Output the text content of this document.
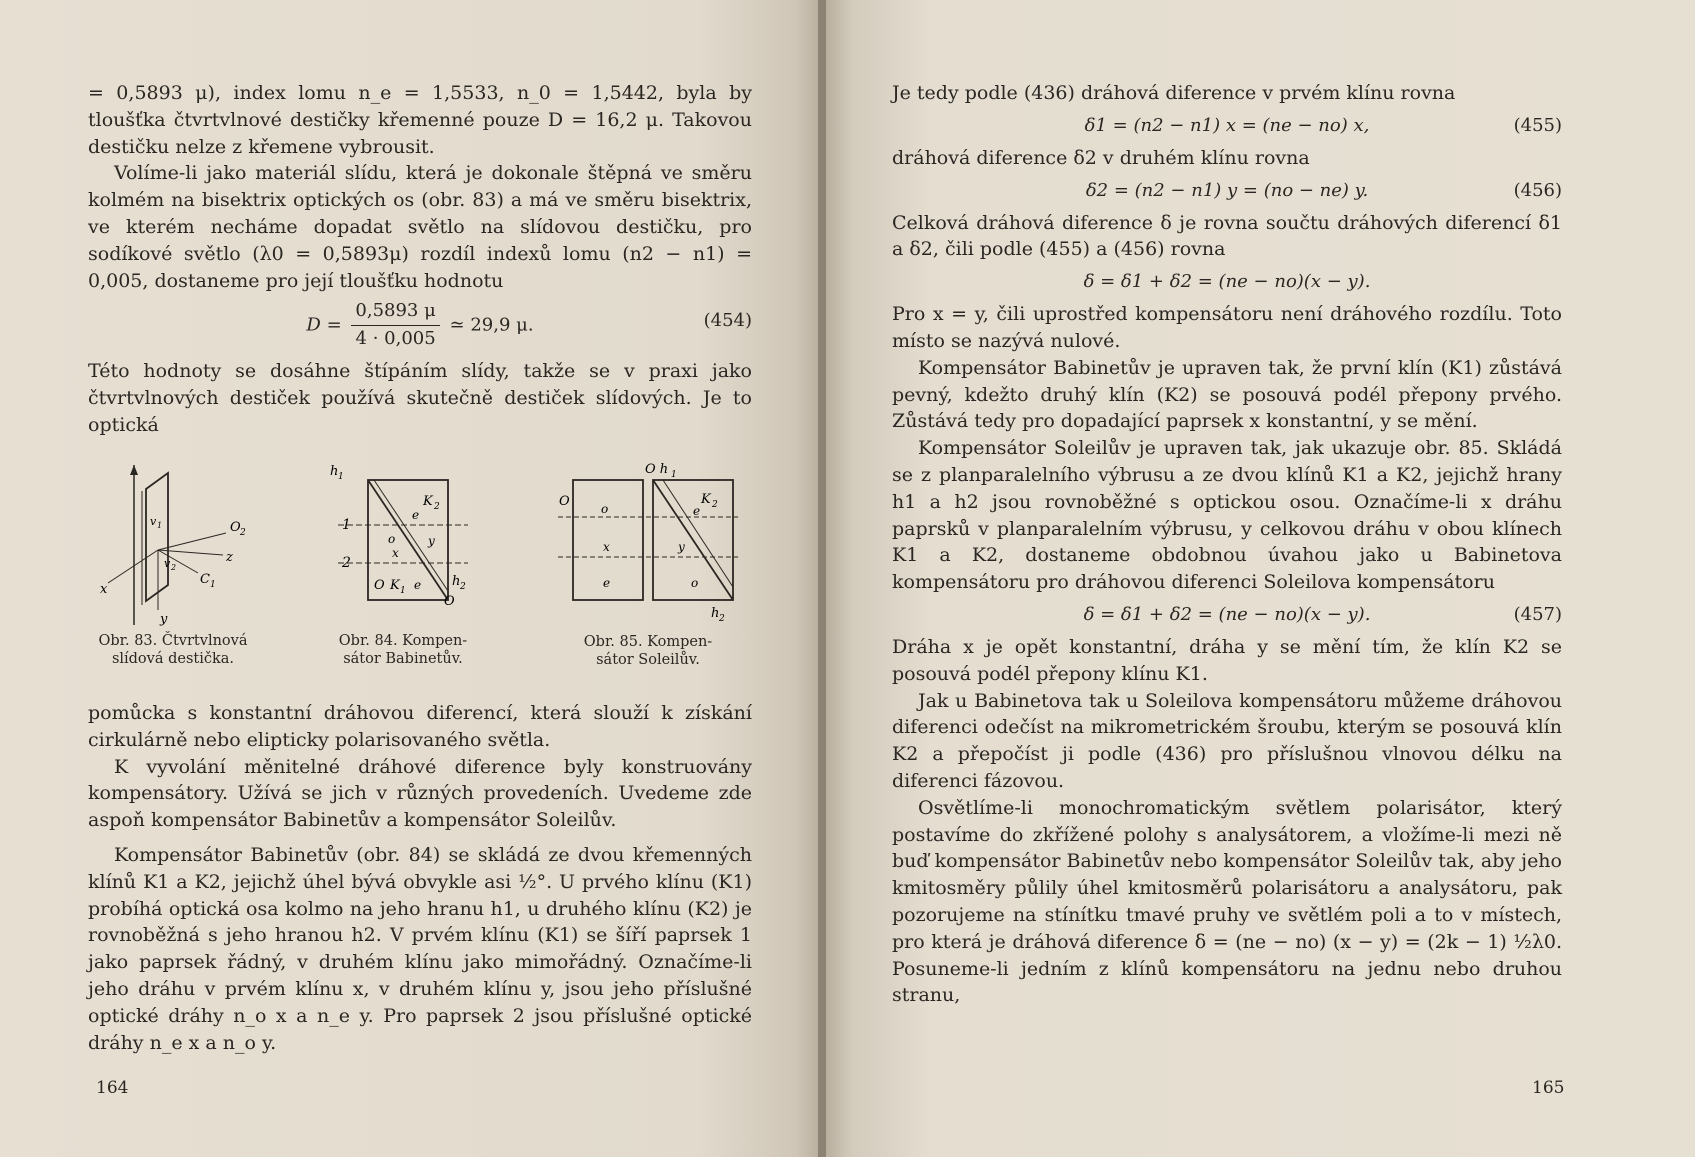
= 0,5893 μ), index lomu n_e = 1,5533, n_0 = 1,5442, byla by tloušťka čtvrtvlnové destičky křemenné pouze D = 16,2 μ. Takovou destičku nelze z křemene vybrousit.

Volíme-li jako materiál slídu, která je dokonale štěpná ve směru kolmém na bisektrix optických os (obr. 83) a má ve směru bisektrix, ve kterém necháme dopadat světlo na slídovou destičku, pro sodíkové světlo (λ0 = 0,5893μ) rozdíl indexů lomu (n2 − n1) = 0,005, dostaneme pro její tloušťku hodnotu

$D = \frac{0,5893 \mu}{4 \cdot 0,005}$ ≃ 29,9 μ.	(454)

Této hodnoty se dosáhne štípáním slídy, takže se v praxi jako čtvrtvlnových destiček používá skutečně destiček slídových. Je to optická

O 2
z
C 1
x
y
v 1
v 2
Obr. 83. Čtvrtvlnová
slídová destička.
h 1
K 2
1
2
e
o	y
x
O K 1 e h 2
O
Obr. 84. Kompen-
sátor Babinetův.
O h 1
K 2
O	o	e
x	y
e	o
h 2
Obr. 85. Kompen-
sátor Soleilův.

pomůcka s konstantní dráhovou diferencí, která slouží k získání cirkulárně nebo elipticky polarisovaného světla.

K vyvolání měnitelné dráhové diference byly konstruovány kompensátory. Užívá se jich v různých provedeních. Uvedeme zde aspoň kompensátor Babinetův a kompensátor Soleilův.

Kompensátor Babinetův (obr. 84) se skládá ze dvou křemenných klínů K1 a K2, jejichž úhel bývá obvykle asi ½°. U prvého klínu (K1) probíhá optická osa kolmo na jeho hranu h1, u druhého klínu (K2) je rovnoběžná s jeho hranou h2. V prvém klínu (K1) se šíří paprsek 1 jako paprsek řádný, v druhém klínu jako mimořádný. Označíme-li jeho dráhu v prvém klínu x, v druhém klínu y, jsou jeho příslušné optické dráhy n_o x a n_e y. Pro paprsek 2 jsou příslušné optické dráhy n_e x a n_o y.

164

Je tedy podle (436) dráhová diference v prvém klínu rovna

δ1 = (n2 − n1) x = (ne − no) x,	(455)

dráhová diference δ2 v druhém klínu rovna

δ2 = (n2 − n1) y = (no − ne) y.	(456)

Celková dráhová diference δ je rovna součtu dráhových diferencí δ1 a δ2, čili podle (455) a (456) rovna

δ = δ1 + δ2 = (ne − no)(x − y).

Pro x = y, čili uprostřed kompensátoru není dráhového rozdílu. Toto místo se nazývá nulové.

Kompensátor Babinetův je upraven tak, že první klín (K1) zůstává pevný, kdežto druhý klín (K2) se posouvá podél přepony prvého. Zůstává tedy pro dopadající paprsek x konstantní, y se mění.

Kompensátor Soleilův je upraven tak, jak ukazuje obr. 85. Skládá se z planparalelního výbrusu a ze dvou klínů K1 a K2, jejichž hrany h1 a h2 jsou rovnoběžné s optickou osou. Označíme-li x dráhu paprsků v planparalelním výbrusu, y celkovou dráhu v obou klínech K1 a K2, dostaneme obdobnou úvahou jako u Babinetova kompensátoru pro dráhovou diferenci Soleilova kompensátoru

δ = δ1 + δ2 = (ne − no)(x − y).	(457)

Dráha x je opět konstantní, dráha y se mění tím, že klín K2 se posouvá podél přepony klínu K1.

Jak u Babinetova tak u Soleilova kompensátoru můžeme dráhovou diferenci odečíst na mikrometrickém šroubu, kterým se posouvá klín K2 a přepočíst ji podle (436) pro příslušnou vlnovou délku na diferenci fázovou.

Osvětlíme-li monochromatickým světlem polarisátor, který postavíme do zkřížené polohy s analysátorem, a vložíme-li mezi ně buď kompensátor Babinetův nebo kompensátor Soleilův tak, aby jeho kmitosměry půlily úhel kmitosměrů polarisátoru a analysátoru, pak pozorujeme na stínítku tmavé pruhy ve světlém poli a to v místech, pro která je dráhová diference δ = (ne − no) (x − y) = (2k − 1) ½λ0. Posuneme-li jedním z klínů kompensátoru na jednu nebo druhou stranu,

165
